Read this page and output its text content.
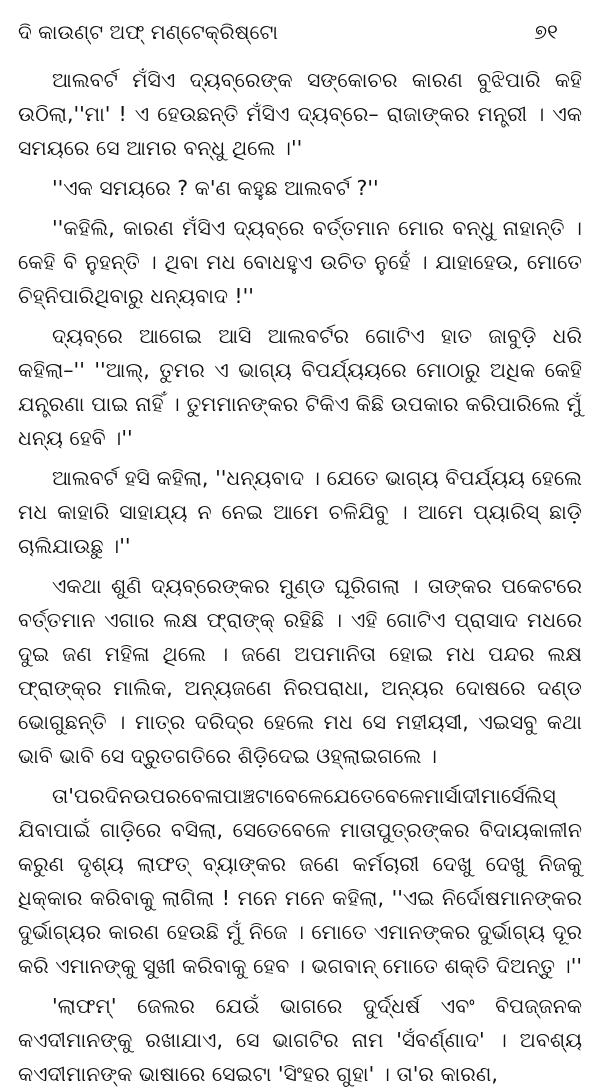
ଦି କାଉଣ୍ଟ ଅଫ୍ ମଣ୍ଟେକ୍ରିଷ୍ଟୋ	୭୧

ଆଲବର୍ଟ ମଁସିଏ ଦ୍ୟବ୍ରେଙ୍କ ସଙ୍କୋଚର କାରଣ ବୁଝିପାରି କହି ଉଠିଲା,''ମା' ! ଏ ହେଉଛନ୍ତି ମଁସିଏ ଦ୍ୟବ୍ରେ– ରାଜାଙ୍କର ମନ୍ତ୍ରୀ । ଏକ ସମୟରେ ସେ ଆମର ବନ୍ଧୁ ଥିଲେ ।''

''ଏକ ସମୟରେ ? କ'ଣ କହୁଛ ଆଲବର୍ଟ ?''

''କହିଲି, କାରଣ ମଁସିଏ ଦ୍ୟବ୍ରେ ବର୍ତ୍ତମାନ ମୋର ବନ୍ଧୁ ନାହାନ୍ତି । କେହି ବି ନୁହନ୍ତି । ଥିବା ମଧ ବୋଧହୁଏ ଉଚିତ ନୁହେଁ । ଯାହାହେଉ, ମୋତେ ଚିହ୍ନିପାରିଥିବାରୁ ଧନ୍ୟବାଦ !''

ଦ୍ୟବ୍ରେ ଆଗେଇ ଆସି ଆଲବର୍ଟର ଗୋଟିଏ ହାତ ଜାବୁଡ଼ି ଧରି କହିଲା–'' ''ଆଲ୍, ତୁମର ଏ ଭାଗ୍ୟ ବିପର୍ଯ୍ୟୟରେ ମୋଠାରୁ ଅଧିକ କେହି ଯନ୍ତ୍ରଣା ପାଇ ନାହିଁ । ତୁମମାନଙ୍କର ଟିକିଏ କିଛି ଉପକାର କରିପାରିଲେ ମୁଁ ଧନ୍ୟ ହେବି ।''

ଆଲବର୍ଟ ହସି କହିଲା, ''ଧନ୍ୟବାଦ । ଯେତେ ଭାଗ୍ୟ ବିପର୍ଯ୍ୟୟ ହେଲେ ମଧ କାହାରି ସାହାଯ୍ୟ ନ ନେଇ ଆମେ ଚଳିଯିବୁ । ଆମେ ପ୍ୟାରିସ୍ ଛାଡ଼ି ଚାଲିଯାଉଛୁ ।''

ଏକଥା ଶୁଣି ଦ୍ୟବ୍ରେଙ୍କର ମୁଣ୍ଡ ଘୂରିଗଲା । ତାଙ୍କର ପକେଟରେ ବର୍ତ୍ତମାନ ଏଗାର ଲକ୍ଷ ଫ୍ରାଙ୍କ୍ ରହିଛି । ଏହି ଗୋଟିଏ ପ୍ରାସାଦ ମଧରେ ଦୁଇ ଜଣ ମହିଳା ଥିଲେ । ଜଣେ ଅପମାନିତା ହୋଇ ମଧ ପନ୍ଦର ଲକ୍ଷ ଫ୍ରାଙ୍କ୍‌ର ମାଲିକ, ଅନ୍ୟଜଣେ ନିରପରାଧା, ଅନ୍ୟର ଦୋଷରେ ଦଣ୍ଡ ଭୋଗୁଛନ୍ତି । ମାତ୍ର ଦରିଦ୍ର ହେଲେ ମଧ ସେ ମହୀୟସୀ, ଏଇସବୁ କଥା ଭାବି ଭାବି ସେ ଦ୍ରୁତଗତିରେ ଶିଡ଼ିଦେଇ ଓହ୍ଲାଇଗଲେ ।

ତା'ପରଦିନଉପରବେଳାପାଞ୍ଚଟାବେଳେଯେତେବେଳେମାର୍ସାଦୀମାର୍ସେଲିସ୍ ଯିବାପାଇଁ ଗାଡ଼ିରେ ବସିଲା, ସେତେବେଳେ ମାତାପୁତ୍ରଙ୍କର ବିଦାୟକାଳୀନ କରୁଣ ଦୃଶ୍ୟ ଲାଫତ୍ ବ୍ୟାଙ୍କର ଜଣେ କର୍ମଚାରୀ ଦେଖୁ ଦେଖୁ ନିଜକୁ ଧିକ୍କାର କରିବାକୁ ଲାଗିଲା ! ମନେ ମନେ କହିଲା, ''ଏଇ ନିର୍ଦୋଷମାନଙ୍କର ଦୁର୍ଭାଗ୍ୟର କାରଣ ହେଉଛି ମୁଁ ନିଜେ । ମୋତେ ଏମାନଙ୍କର ଦୁର୍ଭାଗ୍ୟ ଦୂର କରି ଏମାନଙ୍କୁ ସୁଖୀ କରିବାକୁ ହେବ । ଭଗବାନ୍ ମୋତେ ଶକ୍ତି ଦିଅନ୍ତୁ ।''

'ଲାଫମ୍' ଜେଲର ଯେଉଁ ଭାଗରେ ଦୁର୍ଦ୍ଧର୍ଷ ଏବଂ ବିପଜ୍ଜନକ କଏଦୀମାନଙ୍କୁ ରଖାଯାଏ, ସେ ଭାଗଟିର ନାମ 'ସଁବର୍ଣ୍ଣାଦ' । ଅବଶ୍ୟ କଏଦୀମାନଙ୍କ ଭାଷାରେ ସେଇଟା 'ସିଂହର ଗୁହା' । ତା'ର କାରଣ,
